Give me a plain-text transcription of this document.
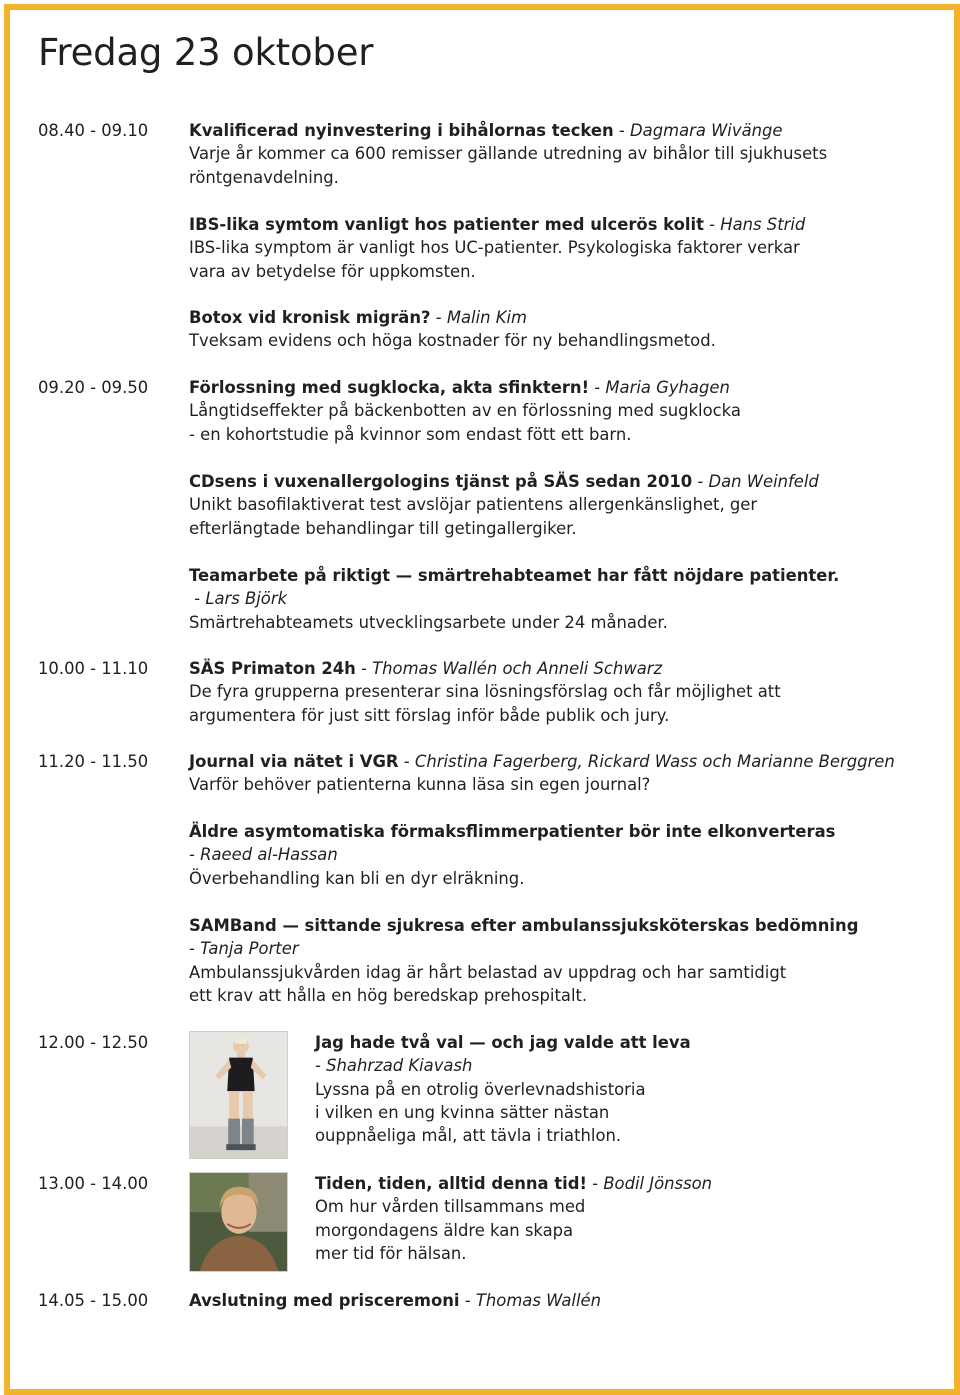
Fredag 23 oktober
08.40 - 09.10 Kvalificerad nyinvestering i bihålornas tecken - Dagmara Wivänge

Varje år kommer ca 600 remisser gällande utredning av bihålor till sjukhusets

röntgenavdelning.

IBS-lika symtom vanligt hos patienter med ulcerös kolit - Hans Strid

IBS-lika symptom är vanligt hos UC-patienter. Psykologiska faktorer verkar

vara av betydelse för uppkomsten.

Botox vid kronisk migrän? - Malin Kim

Tveksam evidens och höga kostnader för ny behandlingsmetod.

09.20 - 09.50 Förlossning med sugklocka, akta sfinktern! - Maria Gyhagen

Långtidseffekter på bäckenbotten av en förlossning med sugklocka

- en kohortstudie på kvinnor som endast fött ett barn.

CDsens i vuxenallergologins tjänst på SÄS sedan 2010 - Dan Weinfeld

Unikt basofilaktiverat test avslöjar patientens allergenkänslighet, ger

efterlängtade behandlingar till getingallergiker.

Teamarbete på riktigt — smärtrehabteamet har fått nöjdare patienter.

- Lars Björk

Smärtrehabteamets utvecklingsarbete under 24 månader.

10.00 - 11.10 SÄS Primaton 24h - Thomas Wallén och Anneli Schwarz

De fyra grupperna presenterar sina lösningsförslag och får möjlighet att

argumentera för just sitt förslag inför både publik och jury.

11.20 - 11.50 Journal via nätet i VGR - Christina Fagerberg, Rickard Wass och Marianne Berggren

Varför behöver patienterna kunna läsa sin egen journal?

Äldre asymtomatiska förmaksflimmerpatienter bör inte elkonverteras

- Raeed al-Hassan

Överbehandling kan bli en dyr elräkning.

SAMBand — sittande sjukresa efter ambulanssjuksköterskas bedömning

- Tanja Porter

Ambulanssjukvården idag är hårt belastad av uppdrag och har samtidigt

ett krav att hålla en hög beredskap prehospitalt.

12.00 - 12.50	Jag hade två val — och jag valde att leva

- Shahrzad Kiavash

Lyssna på en otrolig överlevnadshistoria

i vilken en ung kvinna sätter nästan

ouppnåeliga mål, att tävla i triathlon.

13.00 - 14.00	Tiden, tiden, alltid denna tid! - Bodil Jönsson

Om hur vården tillsammans med

morgondagens äldre kan skapa

mer tid för hälsan.

14.05 - 15.00 Avslutning med prisceremoni - Thomas Wallén
